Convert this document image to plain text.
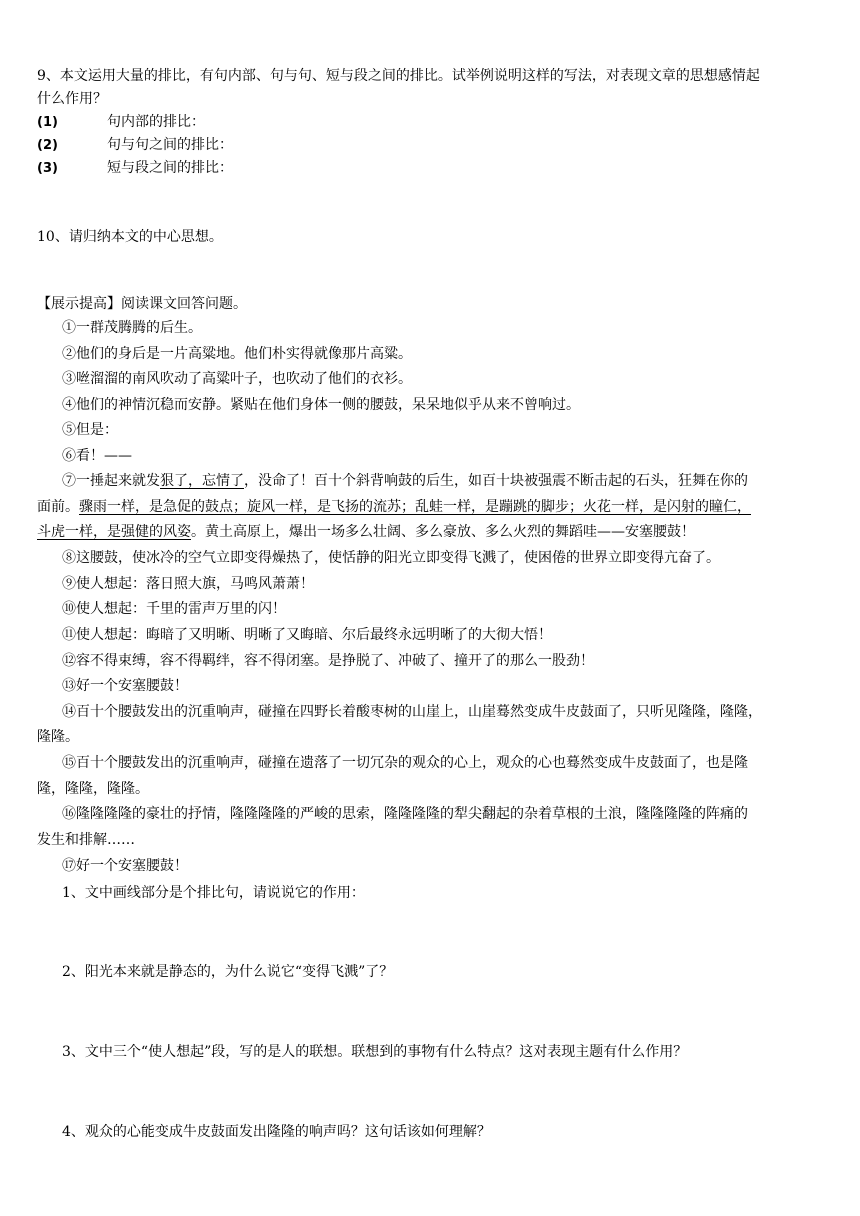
9、本文运用大量的排比，有句内部、句与句、短与段之间的排比。试举例说明这样的写法，对表现文章的思想感情起
什么作用？
(1)	句内部的排比：
(2)	句与句之间的排比：
(3)	短与段之间的排比：
10、请归纳本文的中心思想。
【展示提高】阅读课文回答问题。
①一群茂腾腾的后生。
②他们的身后是一片高粱地。他们朴实得就像那片高粱。
③咝溜溜的南风吹动了高粱叶子，也吹动了他们的衣衫。
④他们的神情沉稳而安静。紧贴在他们身体一侧的腰鼓，呆呆地似乎从来不曾响过。
⑤但是：
⑥看！——
⑦一捶起来就发狠了，忘情了，没命了！百十个斜背响鼓的后生，如百十块被强震不断击起的石头，狂舞在你的
面前。骤雨一样，是急促的鼓点；旋风一样，是飞扬的流苏；乱蛙一样，是蹦跳的脚步；火花一样，是闪射的瞳仁，
斗虎一样，是强健的风姿。黄土高原上，爆出一场多么壮阔、多么豪放、多么火烈的舞蹈哇——安塞腰鼓！
⑧这腰鼓，使冰冷的空气立即变得燥热了，使恬静的阳光立即变得飞溅了，使困倦的世界立即变得亢奋了。
⑨使人想起：落日照大旗，马鸣风萧萧！
⑩使人想起：千里的雷声万里的闪！
⑪使人想起：晦暗了又明晰、明晰了又晦暗、尔后最终永远明晰了的大彻大悟！
⑫容不得束缚，容不得羁绊，容不得闭塞。是挣脱了、冲破了、撞开了的那么一股劲！
⑬好一个安塞腰鼓！
⑭百十个腰鼓发出的沉重响声，碰撞在四野长着酸枣树的山崖上，山崖蓦然变成牛皮鼓面了，只听见隆隆，隆隆，
隆隆。
⑮百十个腰鼓发出的沉重响声，碰撞在遗落了一切冗杂的观众的心上，观众的心也蓦然变成牛皮鼓面了，也是隆
隆，隆隆，隆隆。
⑯隆隆隆隆的豪壮的抒情，隆隆隆隆的严峻的思索，隆隆隆隆的犁尖翻起的杂着草根的土浪，隆隆隆隆的阵痛的
发生和排解……
⑰好一个安塞腰鼓！
1、文中画线部分是个排比句，请说说它的作用：
2、阳光本来就是静态的，为什么说它“变得飞溅”了？
3、文中三个“使人想起”段，写的是人的联想。联想到的事物有什么特点？这对表现主题有什么作用？
4、观众的心能变成牛皮鼓面发出隆隆的响声吗？这句话该如何理解？
